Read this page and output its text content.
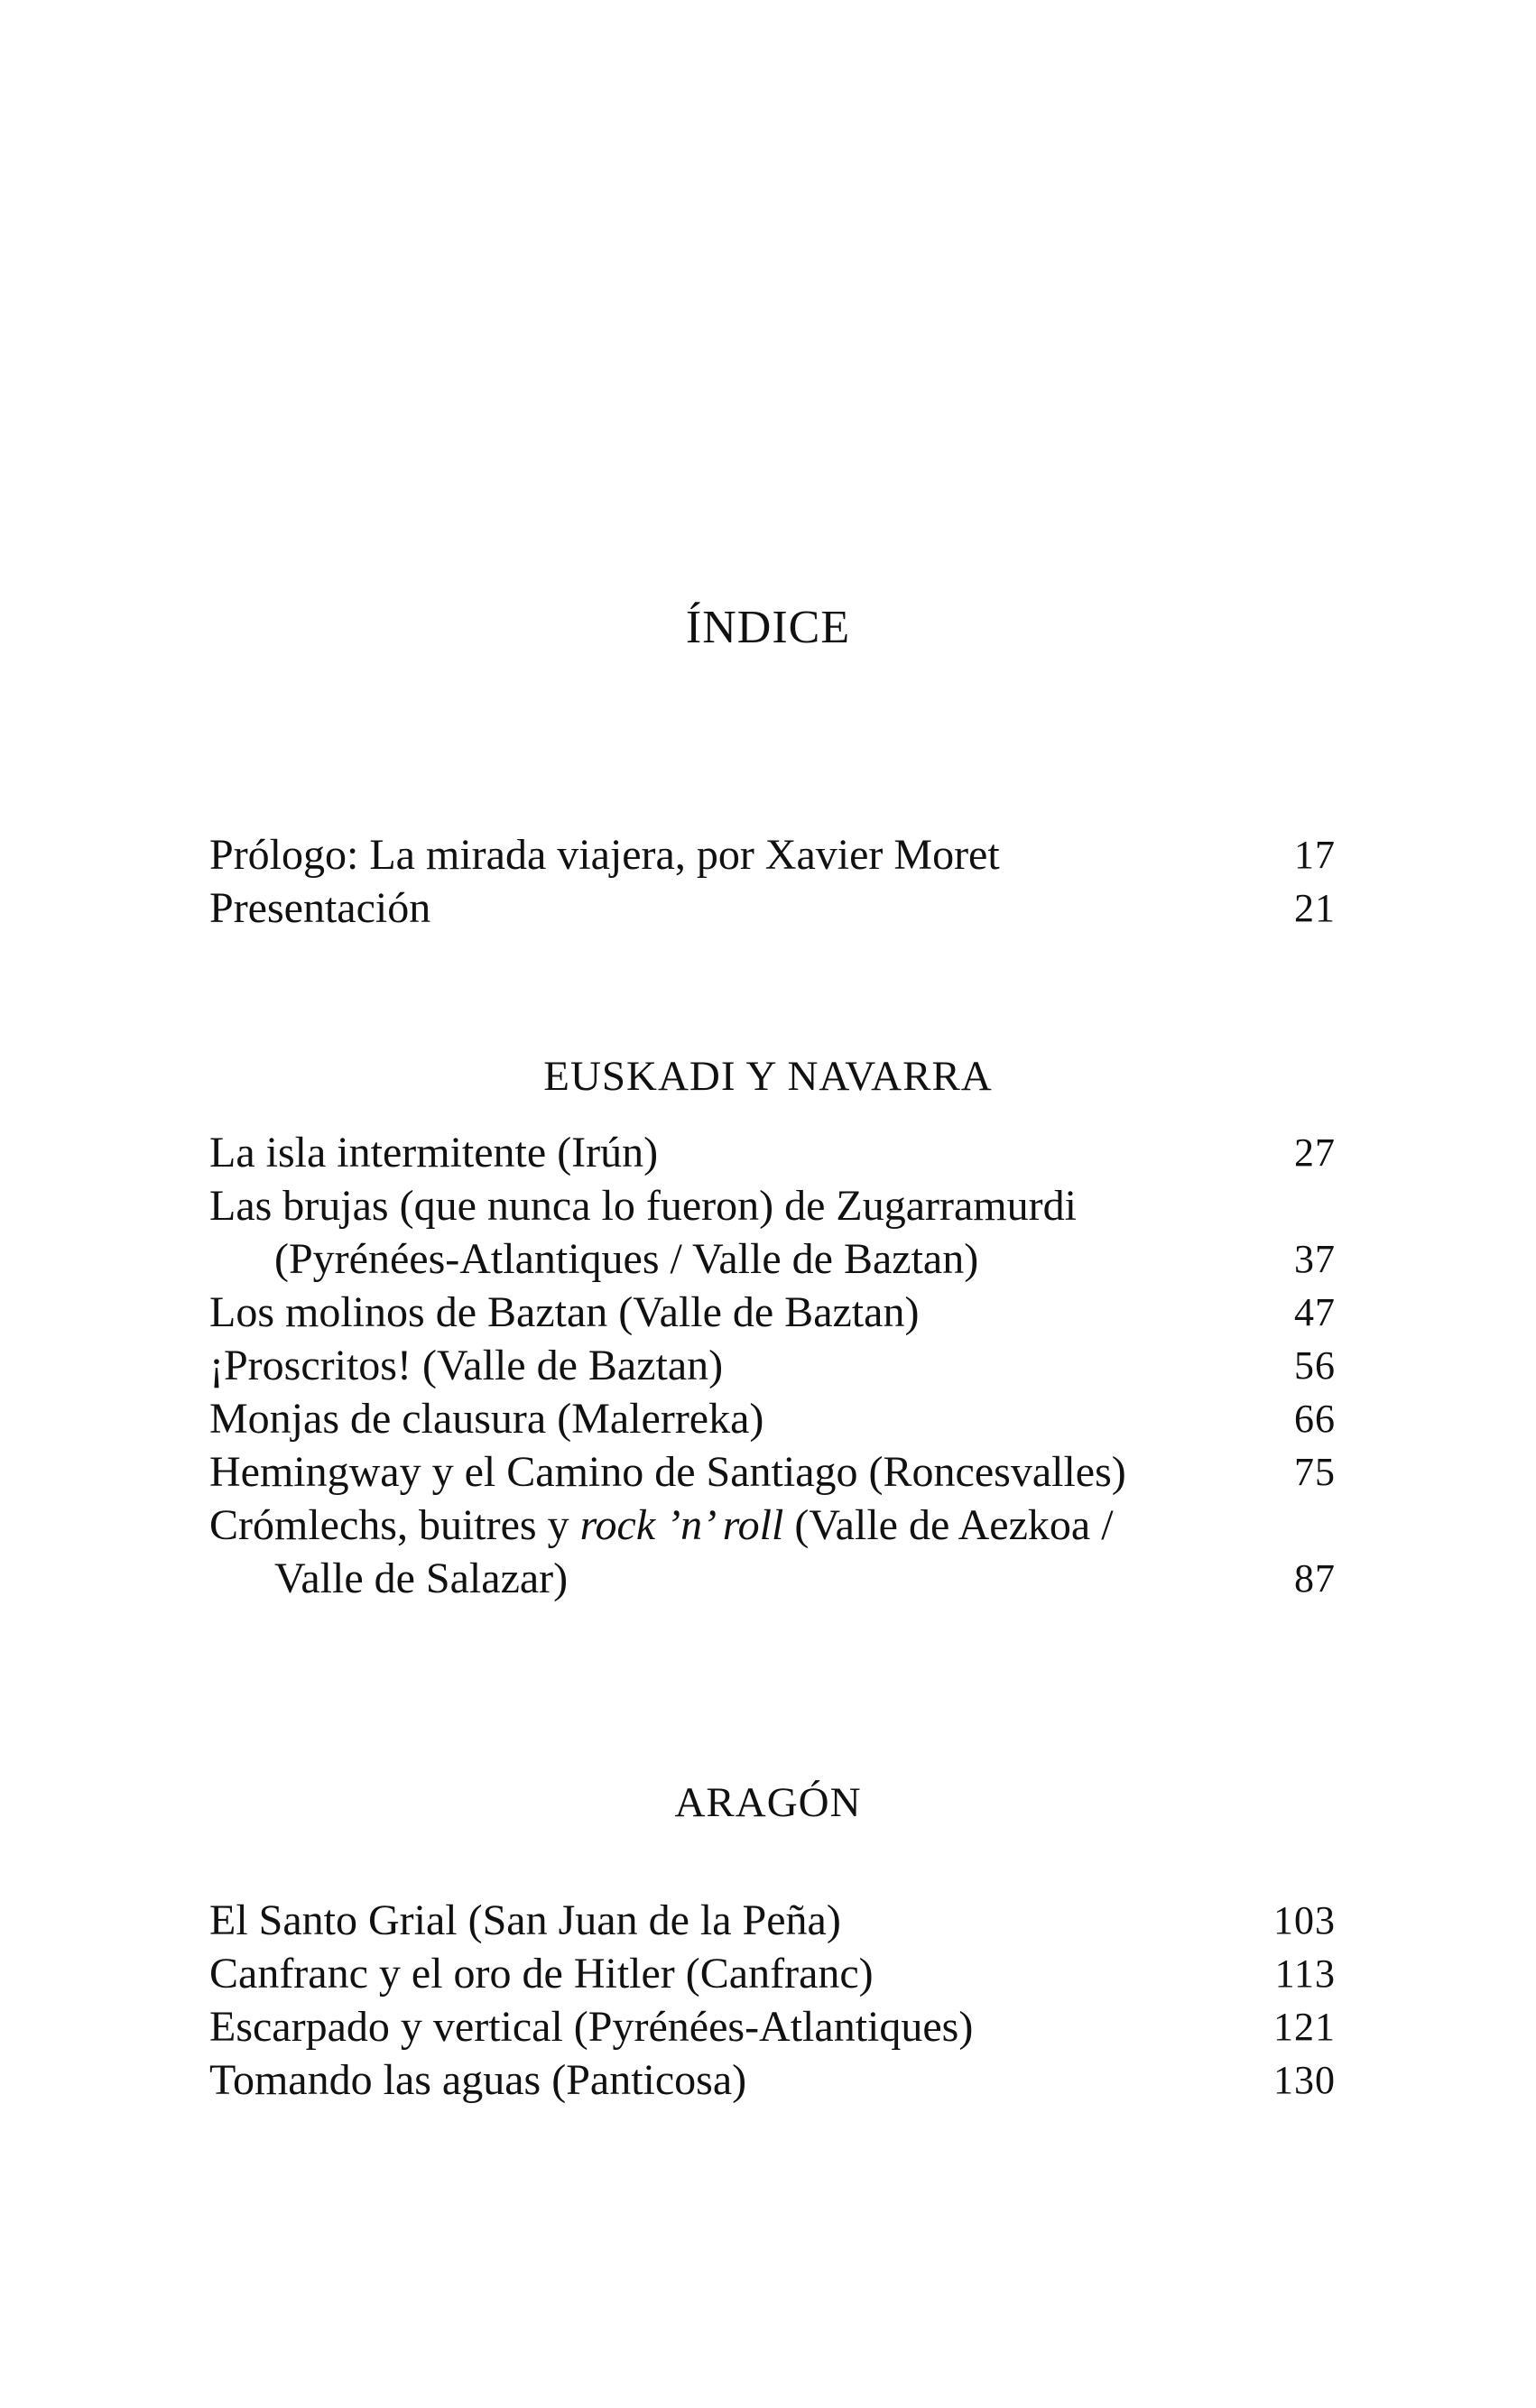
ÍNDICE
Prólogo: La mirada viajera, por Xavier Moret	17
Presentación	21
EUSKADI Y NAVARRA
La isla intermitente (Irún)	27
Las brujas (que nunca lo fueron) de Zugarramurdi
(Pyrénées-Atlantiques / Valle de Baztan)	37
Los molinos de Baztan (Valle de Baztan)	47
¡Proscritos! (Valle de Baztan)	56
Monjas de clausura (Malerreka)	66
Hemingway y el Camino de Santiago (Roncesvalles)	75
Crómlechs, buitres y rock ’n’ roll (Valle de Aezkoa /
Valle de Salazar)	87
ARAGÓN
El Santo Grial (San Juan de la Peña)	103
Canfranc y el oro de Hitler (Canfranc)	113
Escarpado y vertical (Pyrénées-Atlantiques)	121
Tomando las aguas (Panticosa)	130
